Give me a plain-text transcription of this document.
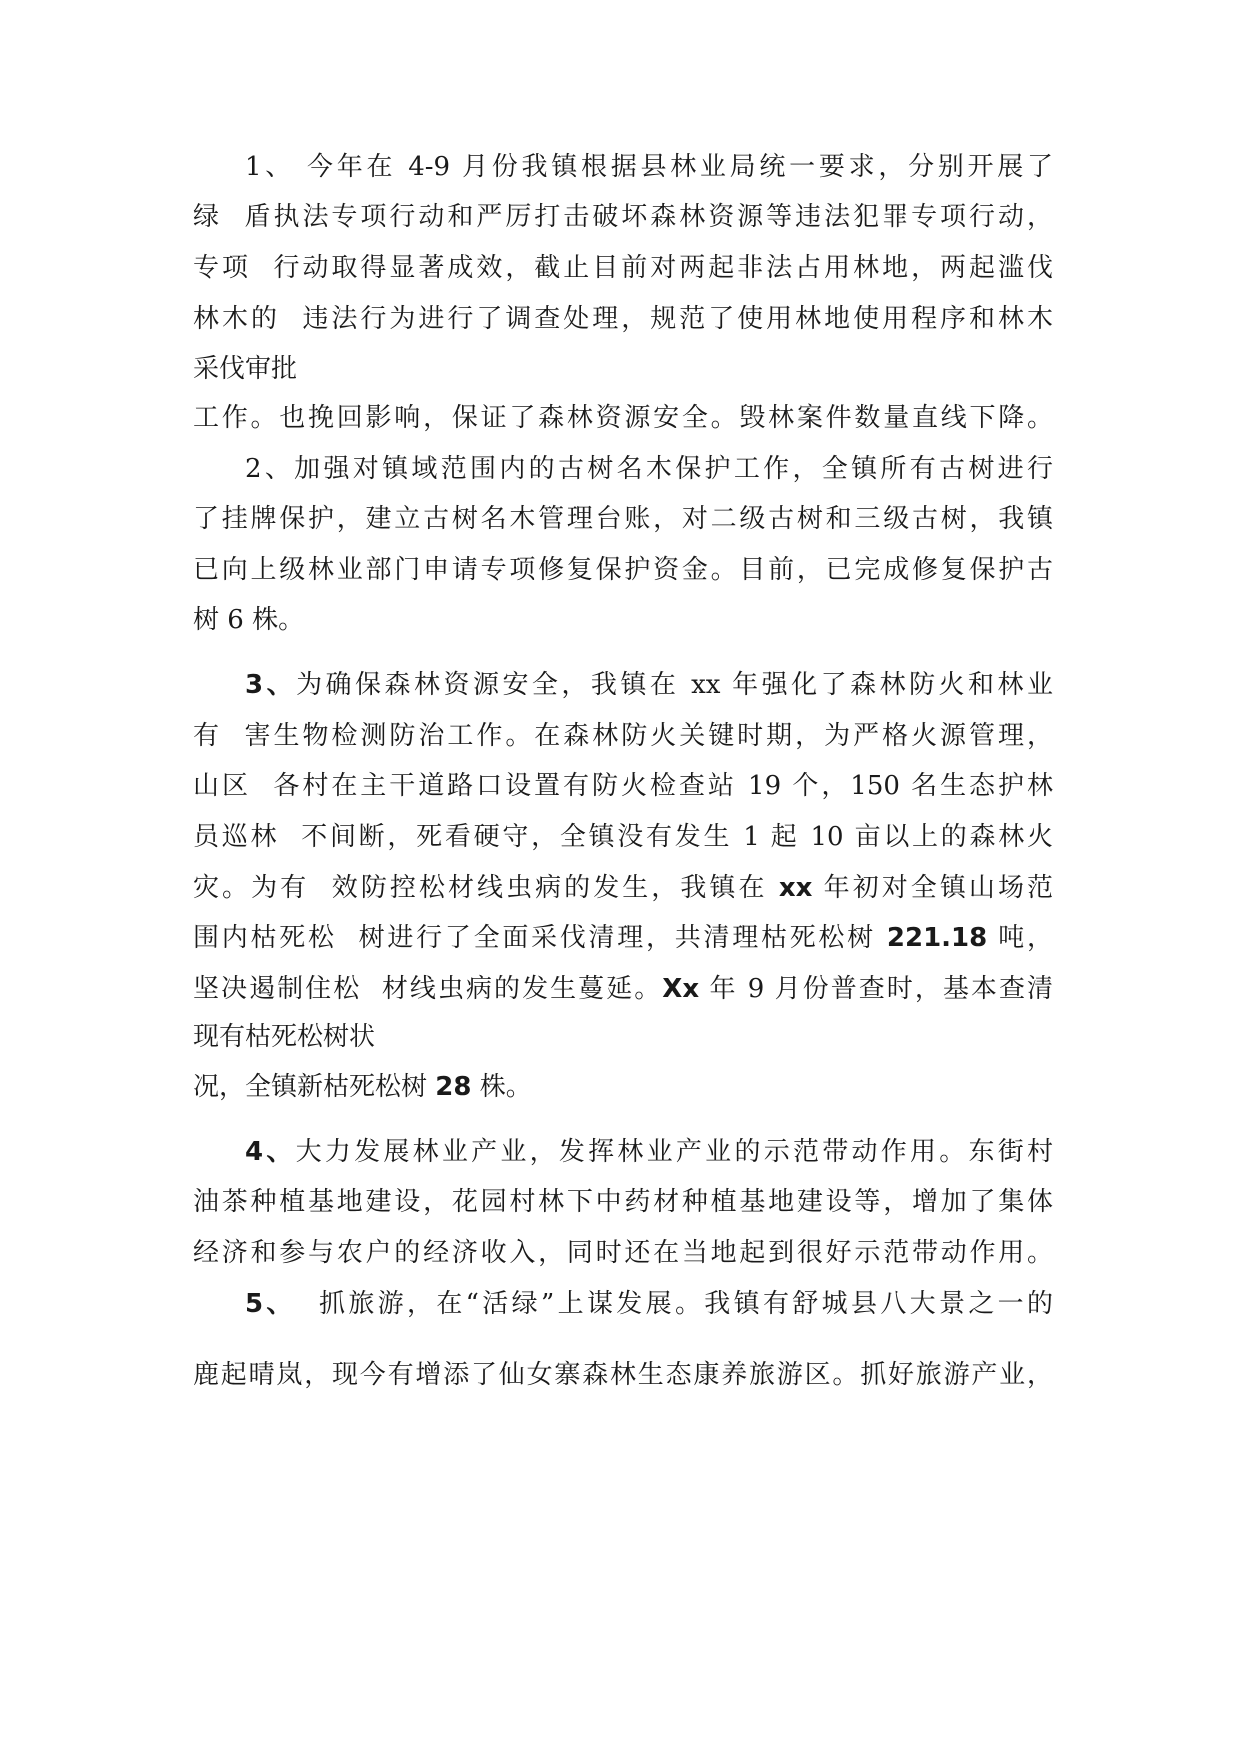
1、 今年在 4-9 月份我镇根据县林业局统一要求，分别开展了
绿  盾执法专项行动和严厉打击破坏森林资源等违法犯罪专项行动，
专项  行动取得显著成效，截止目前对两起非法占用林地，两起滥伐
林木的  违法行为进行了调查处理，规范了使用林地使用程序和林木
采伐审批
工作。也挽回影响，保证了森林资源安全。毁林案件数量直线下降。
2、加强对镇域范围内的古树名木保护工作，全镇所有古树进行
了挂牌保护，建立古树名木管理台账，对二级古树和三级古树，我镇
已向上级林业部门申请专项修复保护资金。目前，已完成修复保护古
树 6 株。
3、为确保森林资源安全，我镇在 xx 年强化了森林防火和林业
有  害生物检测防治工作。在森林防火关键时期，为严格火源管理，
山区  各村在主干道路口设置有防火检查站 19 个，150 名生态护林
员巡林  不间断，死看硬守，全镇没有发生 1 起 10 亩以上的森林火
灾。为有  效防控松材线虫病的发生，我镇在 xx 年初对全镇山场范
围内枯死松  树进行了全面采伐清理，共清理枯死松树 221.18 吨，
坚决遏制住松  材线虫病的发生蔓延。Xx 年 9 月份普查时，基本查清
现有枯死松树状
况，全镇新枯死松树 28 株。
4、大力发展林业产业，发挥林业产业的示范带动作用。东街村
油茶种植基地建设，花园村林下中药材种植基地建设等，增加了集体
经济和参与农户的经济收入，同时还在当地起到很好示范带动作用。
5、 抓旅游，在“活绿”上谋发展。我镇有舒城县八大景之一的
鹿起晴岚，现今有增添了仙女寨森林生态康养旅游区。抓好旅游产业，
